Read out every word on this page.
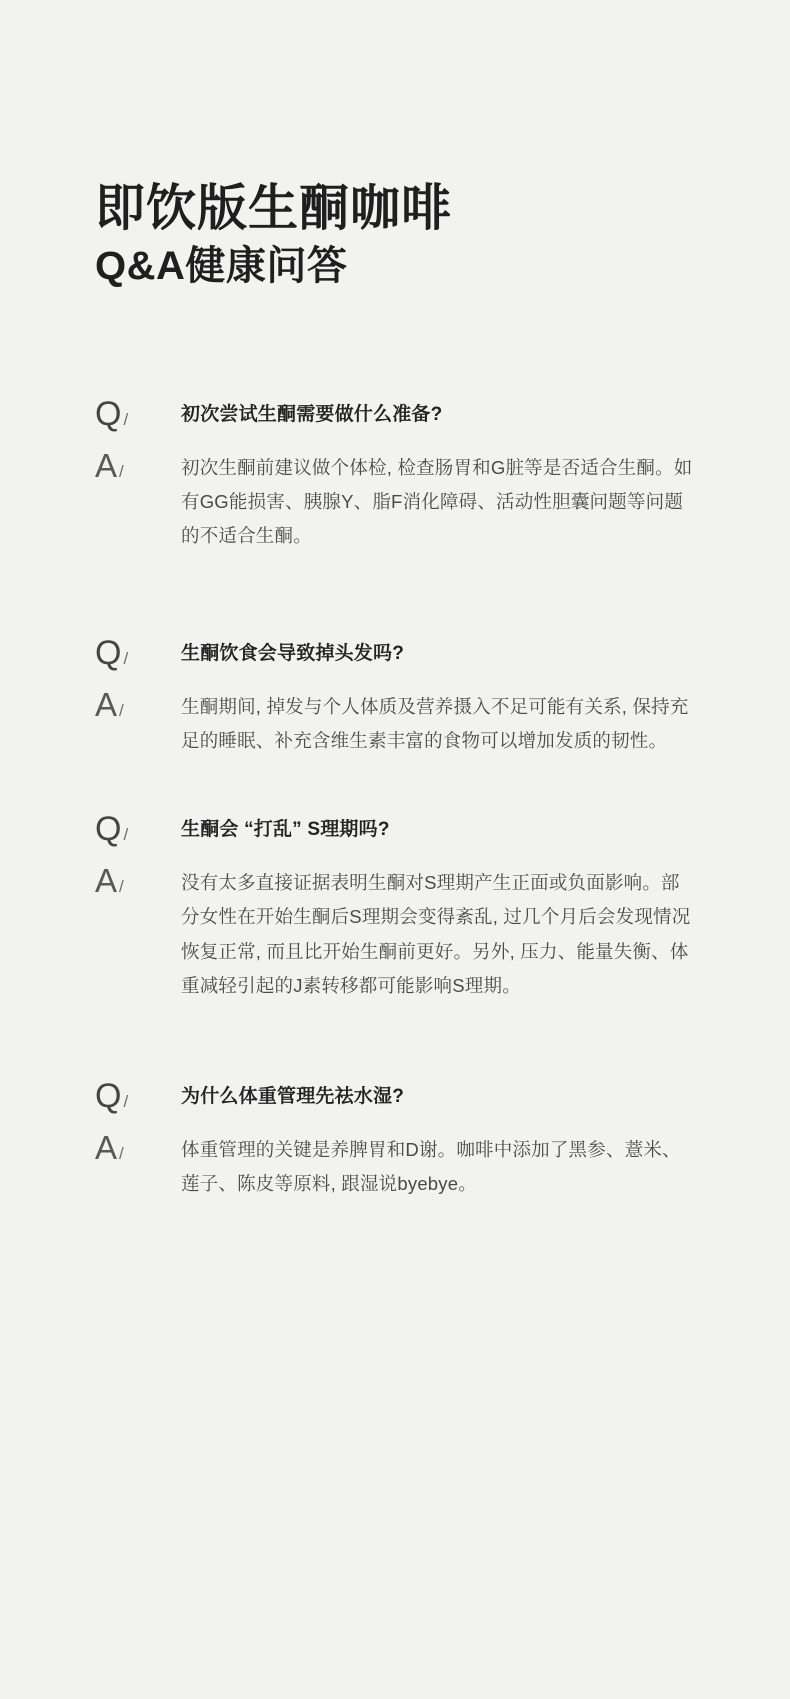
即饮版生酮咖啡
Q&A健康问答
Q /	初次尝试生酮需要做什么准备?
A /	初次生酮前建议做个体检, 检查肠胃和G脏等是否适合生酮。如有GG能损害、胰腺Y、脂F消化障碍、活动性胆囊问题等问题的不适合生酮。
Q /	生酮饮食会导致掉头发吗?
A /	生酮期间, 掉发与个人体质及营养摄入不足可能有关系, 保持充足的睡眠、补充含维生素丰富的食物可以增加发质的韧性。
Q /	生酮会 “打乱” S理期吗?
A /	没有太多直接证据表明生酮对S理期产生正面或负面影响。部分女性在开始生酮后S理期会变得紊乱, 过几个月后会发现情况恢复正常, 而且比开始生酮前更好。另外, 压力、能量失衡、体重减轻引起的J素转移都可能影响S理期。
Q /	为什么体重管理先祛水湿?
A /	体重管理的关键是养脾胃和D谢。咖啡中添加了黑参、薏米、莲子、陈皮等原料, 跟湿说byebye。
